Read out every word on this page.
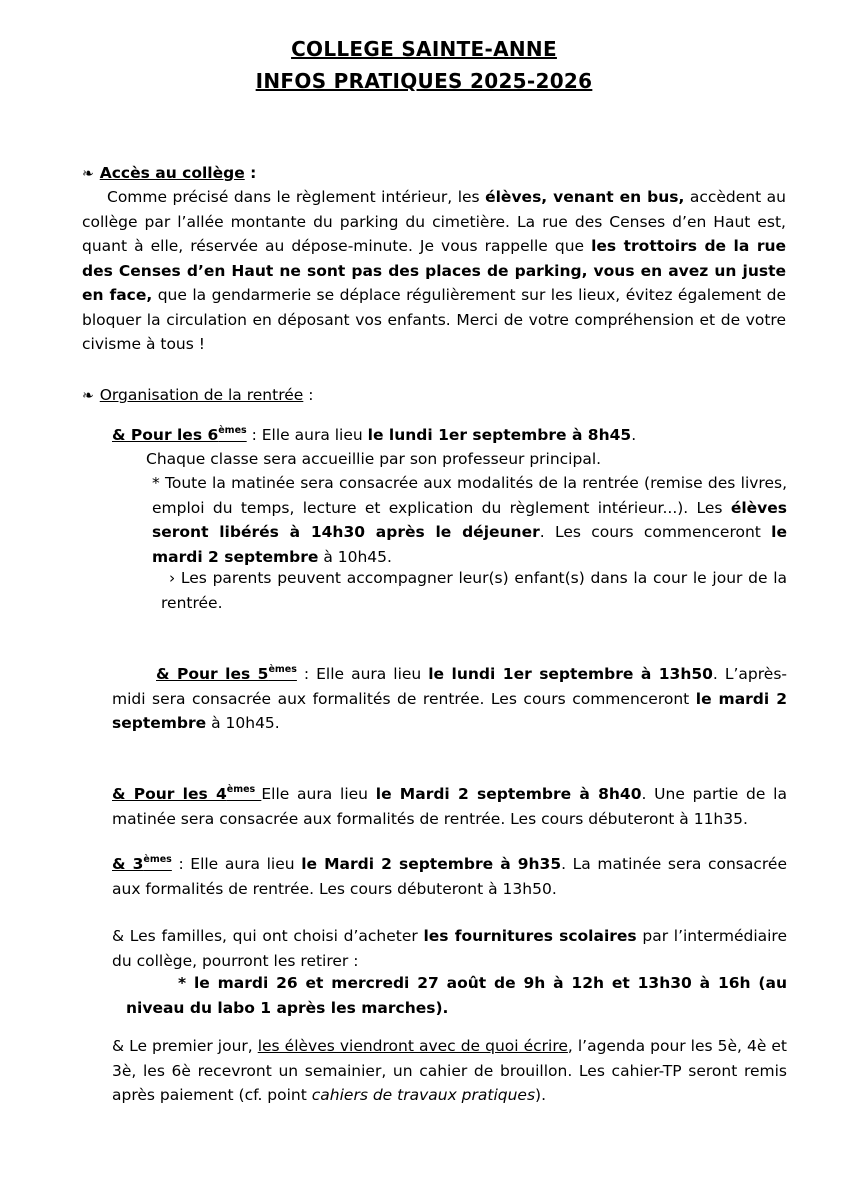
COLLEGE SAINTE-ANNE
INFOS PRATIQUES 2025-2026
❧ Accès au collège :
Comme précisé dans le règlement intérieur, les élèves, venant en bus, accèdent au collège par l’allée montante du parking du cimetière. La rue des Censes d’en Haut est, quant à elle, réservée au dépose-minute. Je vous rappelle que les trottoirs de la rue des Censes d’en Haut ne sont pas des places de parking, vous en avez un juste en face, que la gendarmerie se déplace régulièrement sur les lieux, évitez également de bloquer la circulation en déposant vos enfants. Merci de votre compréhension et de votre civisme à tous !
❧ Organisation de la rentrée :
& Pour les 6èmes : Elle aura lieu le lundi 1er septembre à 8h45.
Chaque classe sera accueillie par son professeur principal.
* Toute la matinée sera consacrée aux modalités de la rentrée (remise des livres, emploi du temps, lecture et explication du règlement intérieur...). Les élèves seront libérés à 14h30 après le déjeuner. Les cours commenceront le mardi 2 septembre à 10h45.
› Les parents peuvent accompagner leur(s) enfant(s) dans la cour le jour de la rentrée.
& Pour les 5èmes : Elle aura lieu le lundi 1er septembre à 13h50. L’après-midi sera consacrée aux formalités de rentrée. Les cours commenceront le mardi 2 septembre à 10h45.
& Pour les 4èmes Elle aura lieu le Mardi 2 septembre à 8h40. Une partie de la matinée sera consacrée aux formalités de rentrée. Les cours débuteront à 11h35.
& 3èmes : Elle aura lieu le Mardi 2 septembre à 9h35. La matinée sera consacrée aux formalités de rentrée. Les cours débuteront à 13h50.
& Les familles, qui ont choisi d’acheter les fournitures scolaires par l’intermédiaire du collège, pourront les retirer :
* le mardi 26 et mercredi 27 août de 9h à 12h et 13h30 à 16h (au niveau du labo 1 après les marches).
& Le premier jour, les élèves viendront avec de quoi écrire, l’agenda pour les 5è, 4è et 3è, les 6è recevront un semainier, un cahier de brouillon. Les cahier-TP seront remis après paiement (cf. point cahiers de travaux pratiques).
